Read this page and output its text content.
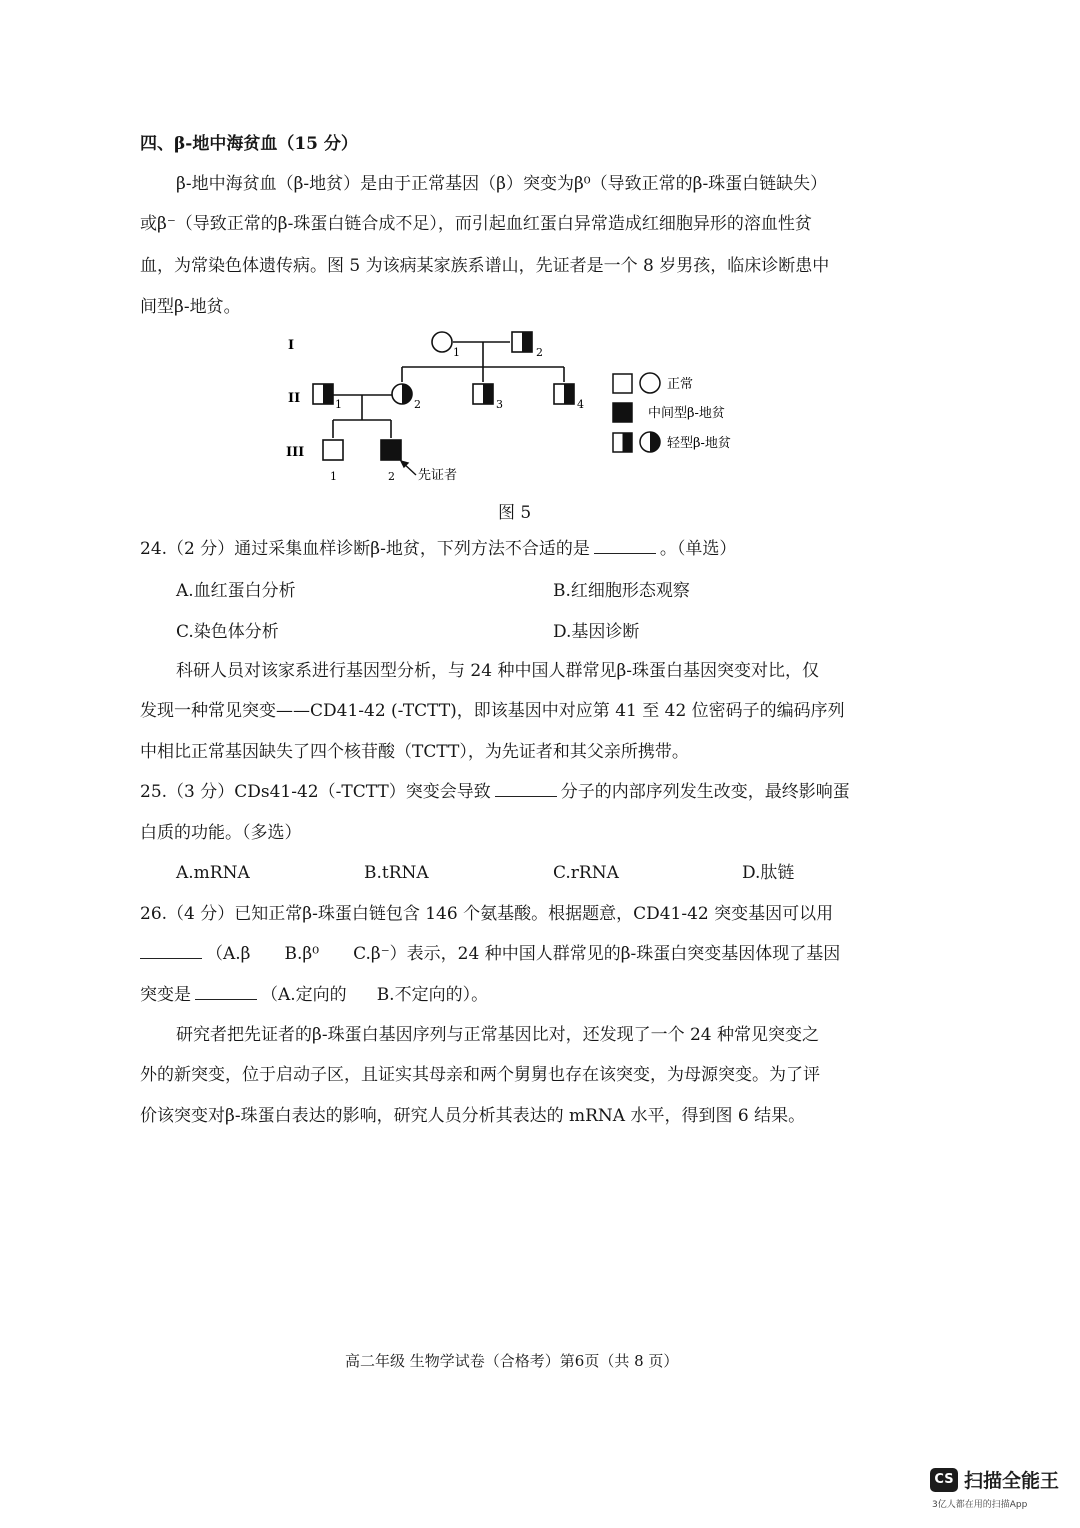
四、β-地中海贫血（15 分）
β-地中海贫血（β-地贫）是由于正常基因（β）突变为β⁰（导致正常的β-珠蛋白链缺失）
或β⁻（导致正常的β-珠蛋白链合成不足），而引起血红蛋白异常造成红细胞异形的溶血性贫
血，为常染色体遗传病。图 5 为该病某家族系谱山，先证者是一个 8 岁男孩，临床诊断患中
间型β-地贫。
I
II
III
1	2
1	2	3	4
1	2 先证者
正常
中间型β-地贫
轻型β-地贫
图 5
24.（2 分）通过采集血样诊断β-地贫，下列方法不合适的是	。（单选）
A.血红蛋白分析	B.红细胞形态观察
C.染色体分析	D.基因诊断
科研人员对该家系进行基因型分析，与 24 种中国人群常见β-珠蛋白基因突变对比，仅
发现一种常见突变——CD41-42 (-TCTT)，即该基因中对应第 41 至 42 位密码子的编码序列
中相比正常基因缺失了四个核苷酸（TCTT），为先证者和其父亲所携带。
25.（3 分）CDs41-42（-TCTT）突变会导致	分子的内部序列发生改变，最终影响蛋
白质的功能。（多选）
A.mRNA	B.tRNA	C.rRNA	D.肽链
26.（4 分）已知正常β-珠蛋白链包含 146 个氨基酸。根据题意，CD41-42 突变基因可以用
（A.β B.β⁰ C.β⁻）表示，24 种中国人群常见的β-珠蛋白突变基因体现了基因
突变是	（A.定向的 B.不定向的）。
研究者把先证者的β-珠蛋白基因序列与正常基因比对，还发现了一个 24 种常见突变之
外的新突变，位于启动子区，且证实其母亲和两个舅舅也存在该突变，为母源突变。为了评
价该突变对β-珠蛋白表达的影响，研究人员分析其表达的 mRNA 水平，得到图 6 结果。
高二年级 生物学试卷（合格考）第6页（共 8 页）
CS 扫描全能王
3亿人都在用的扫描App
